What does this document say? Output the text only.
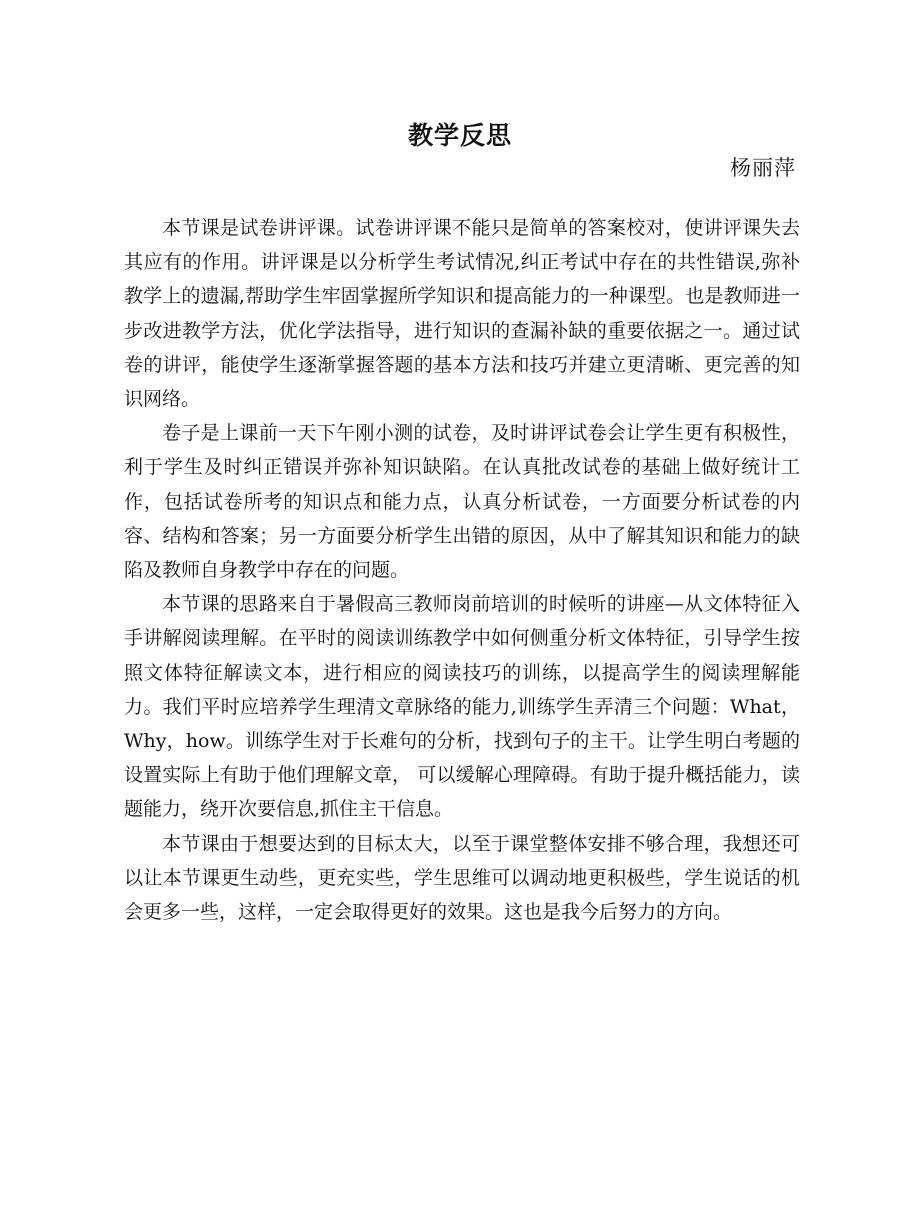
教学反思
杨丽萍

本节课是试卷讲评课。试卷讲评课不能只是简单的答案校对，使讲评课失去其应有的作用。讲评课是以分析学生考试情况,纠正考试中存在的共性错误,弥补教学上的遗漏,帮助学生牢固掌握所学知识和提高能力的一种课型。也是教师进一步改进教学方法，优化学法指导，进行知识的查漏补缺的重要依据之一。通过试卷的讲评，能使学生逐渐掌握答题的基本方法和技巧并建立更清晰、更完善的知识网络。

卷子是上课前一天下午刚小测的试卷，及时讲评试卷会让学生更有积极性，利于学生及时纠正错误并弥补知识缺陷。在认真批改试卷的基础上做好统计工作，包括试卷所考的知识点和能力点，认真分析试卷，一方面要分析试卷的内容、结构和答案；另一方面要分析学生出错的原因，从中了解其知识和能力的缺陷及教师自身教学中存在的问题。

本节课的思路来自于暑假高三教师岗前培训的时候听的讲座—从文体特征入手讲解阅读理解。在平时的阅读训练教学中如何侧重分析文体特征，引导学生按照文体特征解读文本，进行相应的阅读技巧的训练，以提高学生的阅读理解能力。我们平时应培养学生理清文章脉络的能力,训练学生弄清三个问题：What，Why，how。训练学生对于长难句的分析，找到句子的主干。让学生明白考题的设置实际上有助于他们理解文章， 可以缓解心理障碍。有助于提升概括能力，读题能力，绕开次要信息,抓住主干信息。

本节课由于想要达到的目标太大，以至于课堂整体安排不够合理，我想还可以让本节课更生动些，更充实些，学生思维可以调动地更积极些，学生说话的机会更多一些，这样，一定会取得更好的效果。这也是我今后努力的方向。
